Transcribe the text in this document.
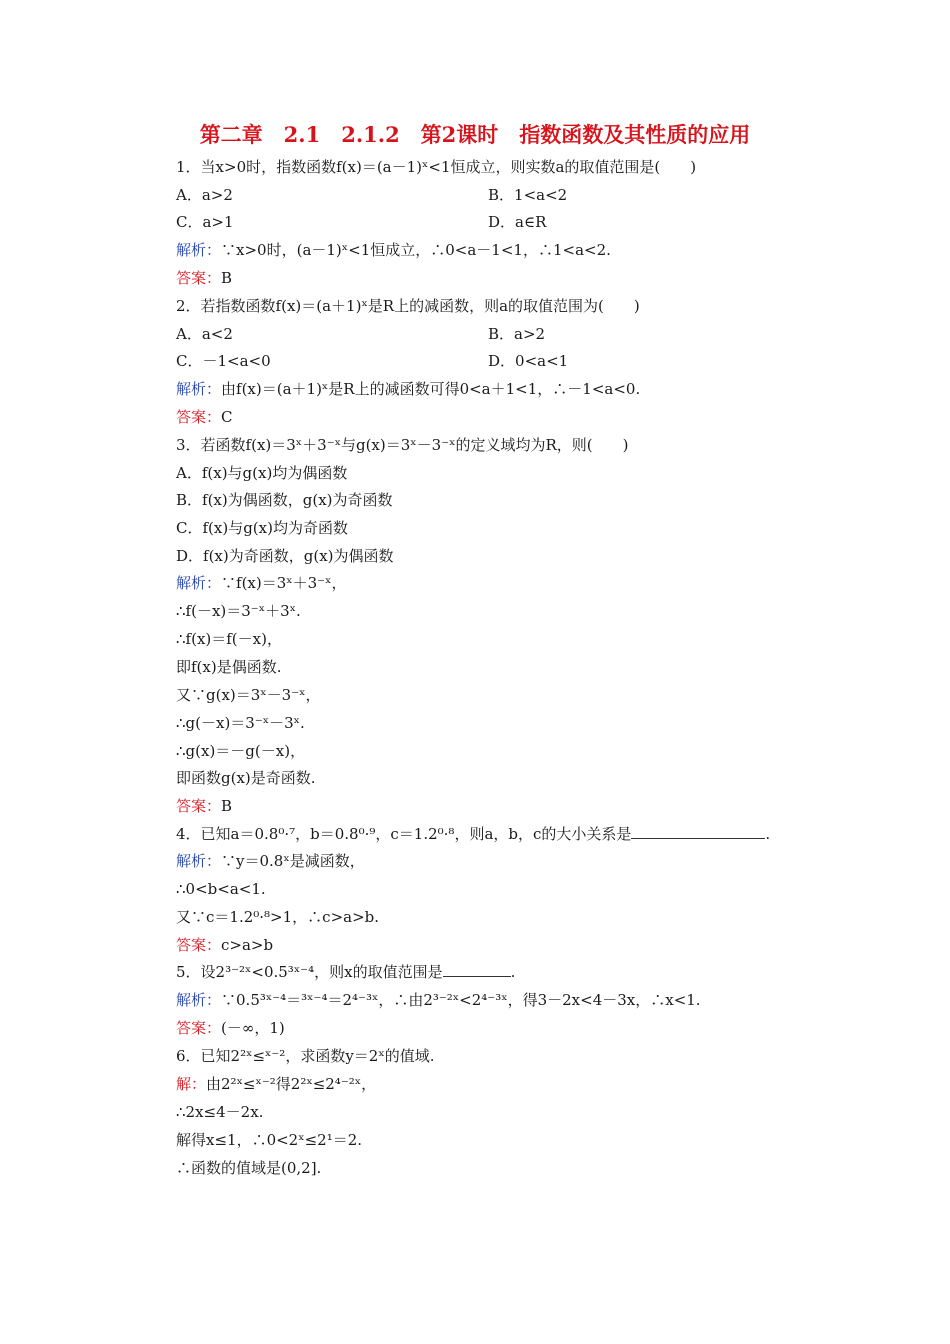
第二章　2.1　2.1.2　第2课时　指数函数及其性质的应用
1．当x>0时，指数函数f(x)＝(a－1)ˣ<1恒成立，则实数a的取值范围是(　　)
A．a>2	B．1<a<2
C．a>1	D．a∈R
解析：∵x>0时，(a－1)ˣ<1恒成立，∴0<a－1<1，∴1<a<2.
答案：B
2．若指数函数f(x)＝(a＋1)ˣ是R上的减函数，则a的取值范围为(　　)
A．a<2	B．a>2
C．－1<a<0	D．0<a<1
解析：由f(x)＝(a＋1)ˣ是R上的减函数可得0<a＋1<1，∴－1<a<0.
答案：C
3．若函数f(x)＝3ˣ＋3⁻ˣ与g(x)＝3ˣ－3⁻ˣ的定义域均为R，则(　　)
A．f(x)与g(x)均为偶函数
B．f(x)为偶函数，g(x)为奇函数
C．f(x)与g(x)均为奇函数
D．f(x)为奇函数，g(x)为偶函数
解析：∵f(x)＝3ˣ＋3⁻ˣ，
∴f(－x)＝3⁻ˣ＋3ˣ.
∴f(x)＝f(－x)，
即f(x)是偶函数.
又∵g(x)＝3ˣ－3⁻ˣ，
∴g(－x)＝3⁻ˣ－3ˣ.
∴g(x)＝－g(－x)，
即函数g(x)是奇函数.
答案：B
4．已知a＝0.8⁰·⁷，b＝0.8⁰·⁹，c＝1.2⁰·⁸，则a，b，c的大小关系是	.
解析：∵y＝0.8ˣ是减函数，
∴0<b<a<1.
又∵c＝1.2⁰·⁸>1，∴c>a>b.
答案：c>a>b
5．设2³⁻²ˣ<0.5³ˣ⁻⁴，则x的取值范围是	.
解析：∵0.5³ˣ⁻⁴＝³ˣ⁻⁴＝2⁴⁻³ˣ，∴由2³⁻²ˣ<2⁴⁻³ˣ，得3－2x<4－3x，∴x<1.
答案：(－∞，1)
6．已知2²ˣ≤ˣ⁻²，求函数y＝2ˣ的值域.
解：由2²ˣ≤ˣ⁻²得2²ˣ≤2⁴⁻²ˣ，
∴2x≤4－2x.
解得x≤1，∴0<2ˣ≤2¹＝2.
∴函数的值域是(0,2].
